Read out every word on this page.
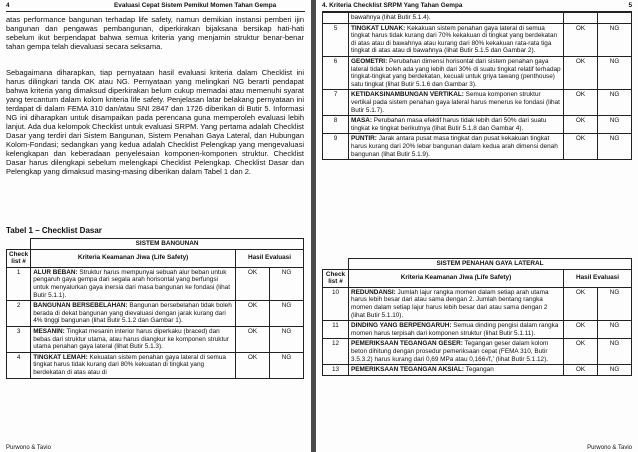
4	Evaluasi Cepat Sistem Pemikul Momen Tahan Gempa

atas performance bangunan terhadap life safety, namun demikian instansi pemberi ijin bangunan dan pengawas pembangunan, diperkirakan bijaksana bersikap hati-hati sebelum ikut berpendapat bahwa semua kriteria yang menjamin struktur benar-benar tahan gempa telah dievaluasi secara seksama.

Sebagaimana diharapkan, tiap pernyataan hasil evaluasi kriteria dalam Checklist ini harus dilingkari tanda OK atau NG. Pernyataan yang melingkari NG berarti pendapat bahwa kriteria yang dimaksud diperkirakan belum cukup memadai atau memenuhi syarat yang tercantum dalam kolom kriteria life safety. Penjelasan latar belakang pernyataan ini terdapat di dalam FEMA 310 dan/atau SNI 2847 dan 1726 diberikan di Butir 5. Informasi NG ini diharapkan untuk disampaikan pada perencana guna memperoleh evaluasi lebih lanjut. Ada dua kelompok Checklist untuk evaluasi SRPM. Yang pertama adalah Checklist Dasar yang terdiri dari Sistem Bangunan, Sistem Penahan Gaya Lateral, dan Hubungan Kolom-Fondasi; sedangkan yang kedua adalah Checklist Pelengkap yang mengevaluasi kelengkapan dan keberadaan penyelesaian komponen-komponen struktur. Checklist Dasar harus dilengkapi sebelum melengkapi Checklist Pelengkap. Checklist Dasar dan Pelengkap yang dimaksud masing-masing diberikan dalam Tabel 1 dan 2.

Tabel 1 – Checklist Dasar
	SISTEM BANGUNAN		
Check list #	Kriteria Keamanan Jiwa (Life Safety)	Hasil Evaluasi	
1	ALUR BEBAN: Struktur harus mempunyai sebuah alur beban untuk pengaruh gaya gempa dari segala arah horisontal yang berfungsi untuk menyalurkan gaya inersia dari masa bangunan ke fondasi (lihat Butir 5.1.1).	OK	NG
2	BANGUNAN BERSEBELAHAN: Bangunan bersebelahan tidak boleh berada di dekat bangunan yang dievaluasi dengan jarak kurang dari 4% tinggi bangunan (lihat Butir 5.1.2 dan Gambar 1).	OK	NG
3	MESANIN: Tingkat mesanin interior harus diperkaku (braced) dan bebas dari struktur utama, atau harus diangkur ke komponen struktur utama penahan gaya lateral (lihat Butir 5.1.3).	OK	NG
4	TINGKAT LEMAH: Kekuatan sistem penahan gaya lateral di semua tingkat harus tidak kurang dari 80% kekuatan di tingkat yang berdekatan di atas atau di	OK	NG
Purwono & Tavio
4. Kriteria Checklist SRPM Yang Tahan Gempa	5
	bawahnya (lihat Butir 5.1.4).		
5	TINGKAT LUNAK: Kekakuan sistem penahan gaya lateral di semua tingkat harus tidak kurang dari 70% kekakuan di tingkat yang berdekatan di atas atau di bawahnya atau kurang dari 80% kekakuan rata-rata tiga tingkat di atas atau di bawahnya (lihat Butir 5.1.5 dan Gambar 2).	OK	NG
6	GEOMETRI: Perubahan dimensi horisontal dari sistem penahan gaya lateral tidak boleh ada yang lebih dari 30% di suatu tingkat relatif terhadap tingkat-tingkat yang berdekatan, kecuali untuk griya tawang (penthouse) satu tingkat (lihat Butir 5.1.6 dan Gambar 3).	OK	NG
7	KETIDAKSINAMBUNGAN VERTIKAL: Semua komponen struktur vertikal pada sistem penahan gaya lateral harus menerus ke fondasi (lihat Butir 5.1.7).	OK	NG
8	MASA: Perubahan masa efektif harus tidak lebih dari 50% dari suatu tingkat ke tingkat berikutnya (lihat Butir 5.1.8 dan Gambar 4).	OK	NG
9	PUNTIR: Jarak antara pusat masa tingkat dan pusat kekakuan tingkat harus kurang dari 20% lebar bangunan dalam kedua arah dimensi denah bangunan (lihat Butir 5.1.9).	OK	NG
	SISTEM PENAHAN GAYA LATERAL		
Check list #	Kriteria Keamanan Jiwa (Life Safety)	Hasil Evaluasi	
10	REDUNDANSI: Jumlah lajur rangka momen dalam setiap arah utama harus lebih besar dari atau sama dengan 2. Jumlah bentang rangka momen dalam setiap lajur harus lebih besar dari atau sama dengan 2 (lihat Butir 5.1.10).	OK	NG
11	DINDING YANG BERPENGARUH: Semua dinding pengisi dalam rangka momen harus terpisah dari komponen struktur (lihat Butir 5.1.11).	OK	NG
12	PEMERIKSAAN TEGANGAN GESER: Tegangan geser dalam kolom beton dihitung dengan prosedur pemeriksaan cepat (FEMA 310, Butir 3.5.3.2) harus kurang dari 0,69 MPa atau 0,166√f꜀' (lihat Butir 5.1.12).	OK	NG
13	PEMERIKSAAN TEGANGAN AKSIAL: Tegangan	OK	NG
Purwono & Tavio
